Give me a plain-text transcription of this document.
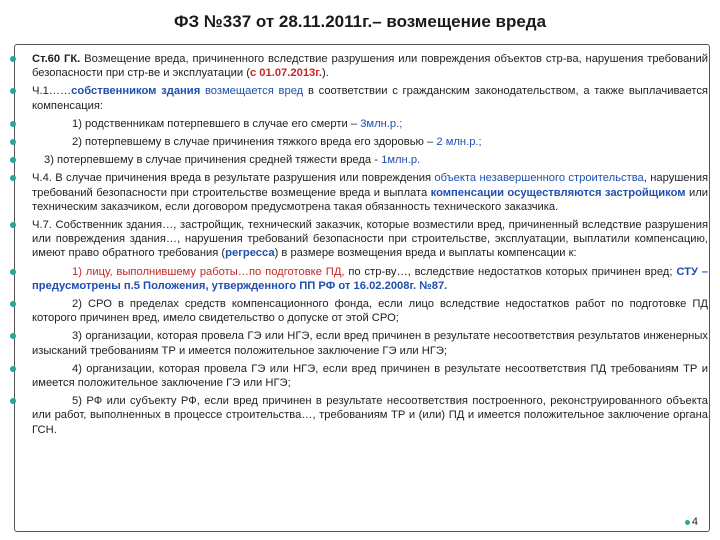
ФЗ №337 от 28.11.2011г.– возмещение вреда
Ст.60 ГК. Возмещение вреда, причиненного вследствие разрушения или повреждения объектов стр-ва, нарушения требований безопасности при стр-ве и эксплуатации (с 01.07.2013г.).
Ч.1……собственником здания возмещается вред в соответствии с гражданским законодательством, а также выплачивается компенсация:
1) родственникам потерпевшего в случае его смерти – 3млн.р.;
2) потерпевшему в случае причинения тяжкого вреда его здоровью – 2 млн.р.;
3) потерпевшему в случае причинения средней тяжести вреда - 1млн.р.
Ч.4. В случае причинения вреда в результате разрушения или повреждения объекта незавершенного строительства, нарушения требований безопасности при строительстве возмещение вреда и выплата компенсации осуществляются застройщиком или техническим заказчиком, если договором предусмотрена такая обязанность технического заказчика.
Ч.7. Собственник здания…, застройщик, технический заказчик, которые возместили вред, причиненный вследствие разрушения или повреждения здания…, нарушения требований безопасности при строительстве, эксплуатации, выплатили компенсацию, имеют право обратного требования (регресса) в размере возмещения вреда и выплаты компенсации к:
1) лицу, выполнившему работы…по подготовке ПД, по стр-ву…, вследствие недостатков которых причинен вред; СТУ – предусмотрены п.5 Положения, утвержденного ПП РФ от 16.02.2008г. №87.
2) СРО в пределах средств компенсационного фонда, если лицо вследствие недостатков работ по подготовке ПД которого причинен вред, имело свидетельство о допуске от этой СРО;
3) организации, которая провела ГЭ или НГЭ, если вред причинен в результате несоответствия результатов инженерных изысканий требованиям ТР и имеется положительное заключение ГЭ или НГЭ;
4) организации, которая провела ГЭ или НГЭ, если вред причинен в результате несоответствия ПД требованиям ТР и имеется положительное заключение ГЭ или НГЭ;
5) РФ или субъекту РФ, если вред причинен в результате несоответствия построенного, реконструированного объекта или работ, выполненных в процессе строительства…, требованиям ТР и (или) ПД и имеется положительное заключение органа ГСН.
4
